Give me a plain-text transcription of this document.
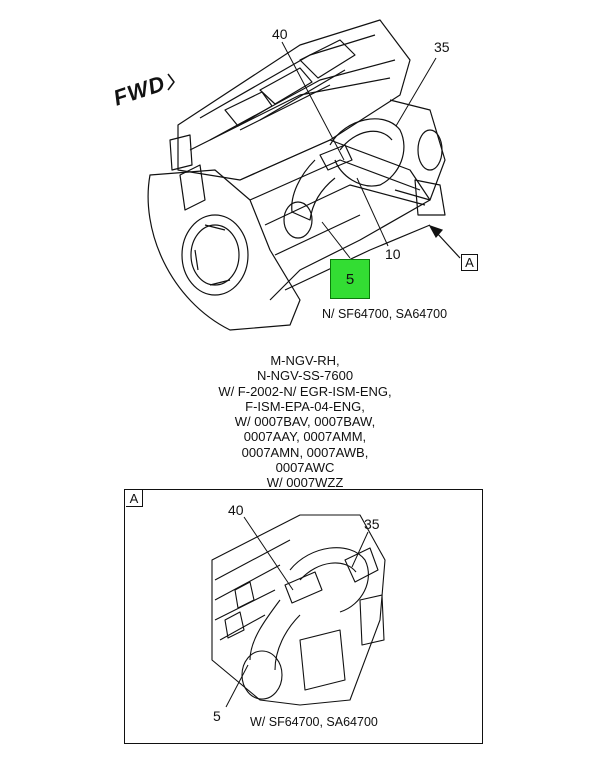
FWD
40
35
10
5
A
N/ SF64700, SA64700
M-NGV-RH,
N-NGV-SS-7600
W/ F-2002-N/ EGR-ISM-ENG,
F-ISM-EPA-04-ENG,
W/ 0007BAV, 0007BAW,
0007AAY, 0007AMM,
0007AMN, 0007AWB,
0007AWC
W/ 0007WZZ
A
40
35
5 W/ SF64700, SA64700
